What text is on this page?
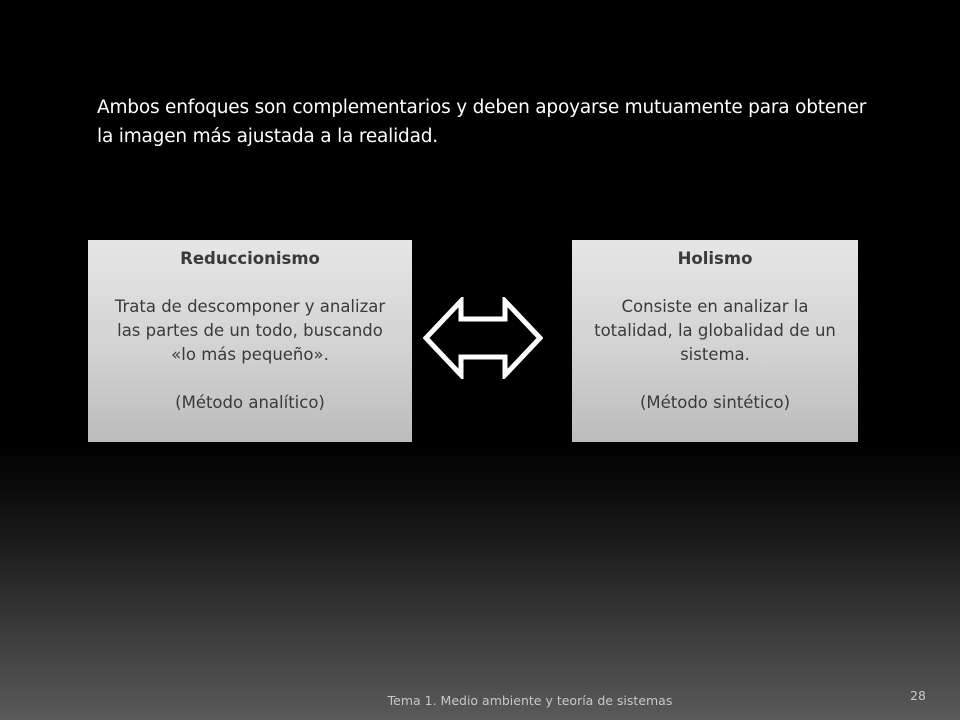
Ambos enfoques son complementarios y deben apoyarse mutuamente para obtener la imagen más ajustada a la realidad.
Reduccionismo
Trata de descomponer y analizar las partes de un todo, buscando «lo más pequeño».
(Método analítico)
Holismo
Consiste en analizar la totalidad, la globalidad de un sistema.
(Método sintético)
Tema 1. Medio ambiente y teoría de sistemas	28
